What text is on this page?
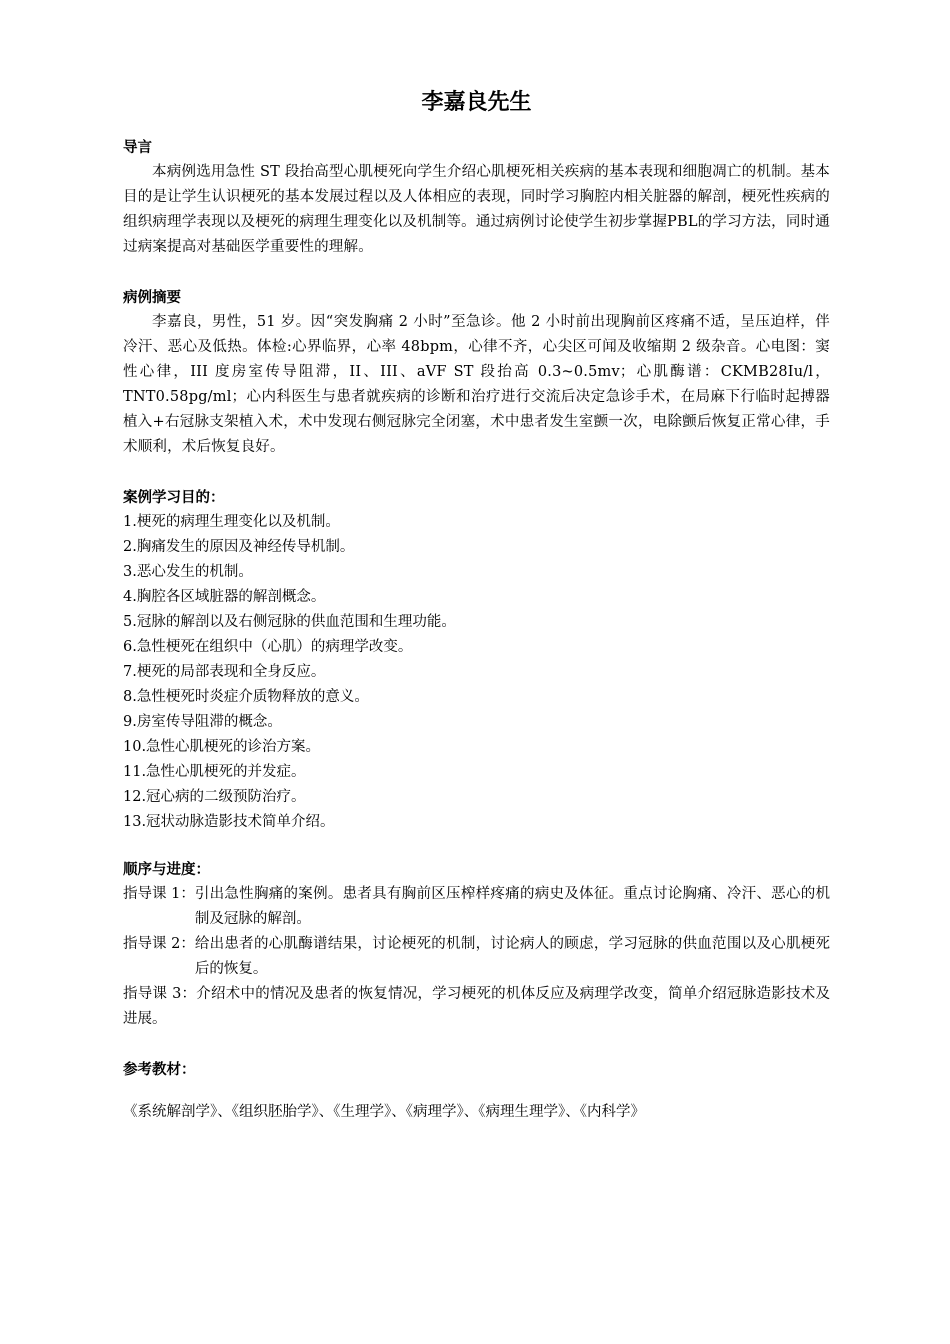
李嘉良先生
导言

本病例选用急性 ST 段抬高型心肌梗死向学生介绍心肌梗死相关疾病的基本表现和细胞凋亡的机制。基本目的是让学生认识梗死的基本发展过程以及人体相应的表现，同时学习胸腔内相关脏器的解剖，梗死性疾病的组织病理学表现以及梗死的病理生理变化以及机制等。通过病例讨论使学生初步掌握PBL的学习方法，同时通过病案提高对基础医学重要性的理解。

病例摘要

李嘉良，男性，51 岁。因“突发胸痛 2 小时”至急诊。他 2 小时前出现胸前区疼痛不适，呈压迫样，伴冷汗、恶心及低热。体检:心界临界，心率 48bpm，心律不齐，心尖区可闻及收缩期 2 级杂音。心电图：窦性心律，III 度房室传导阻滞，II、III、aVF ST 段抬高 0.3~0.5mv；心肌酶谱：CKMB28Iu/l，TNT0.58pg/ml；心内科医生与患者就疾病的诊断和治疗进行交流后决定急诊手术，在局麻下行临时起搏器植入+右冠脉支架植入术，术中发现右侧冠脉完全闭塞，术中患者发生室颤一次，电除颤后恢复正常心律，手术顺利，术后恢复良好。

案例学习目的：
1.梗死的病理生理变化以及机制。
2.胸痛发生的原因及神经传导机制。
3.恶心发生的机制。
4.胸腔各区域脏器的解剖概念。
5.冠脉的解剖以及右侧冠脉的供血范围和生理功能。
6.急性梗死在组织中（心肌）的病理学改变。
7.梗死的局部表现和全身反应。
8.急性梗死时炎症介质物释放的意义。
9.房室传导阻滞的概念。
10.急性心肌梗死的诊治方案。
11.急性心肌梗死的并发症。
12.冠心病的二级预防治疗。
13.冠状动脉造影技术简单介绍。
顺序与进度：
指导课 1： 引出急性胸痛的案例。患者具有胸前区压榨样疼痛的病史及体征。重点讨论胸痛、冷汗、恶心的机制及冠脉的解剖。
指导课 2： 给出患者的心肌酶谱结果，讨论梗死的机制，讨论病人的顾虑，学习冠脉的供血范围以及心肌梗死后的恢复。
指导课 3：介绍术中的情况及患者的恢复情况，学习梗死的机体反应及病理学改变，简单介绍冠脉造影技术及进展。
参考教材：

《系统解剖学》、《组织胚胎学》、《生理学》、《病理学》、《病理生理学》、《内科学》
